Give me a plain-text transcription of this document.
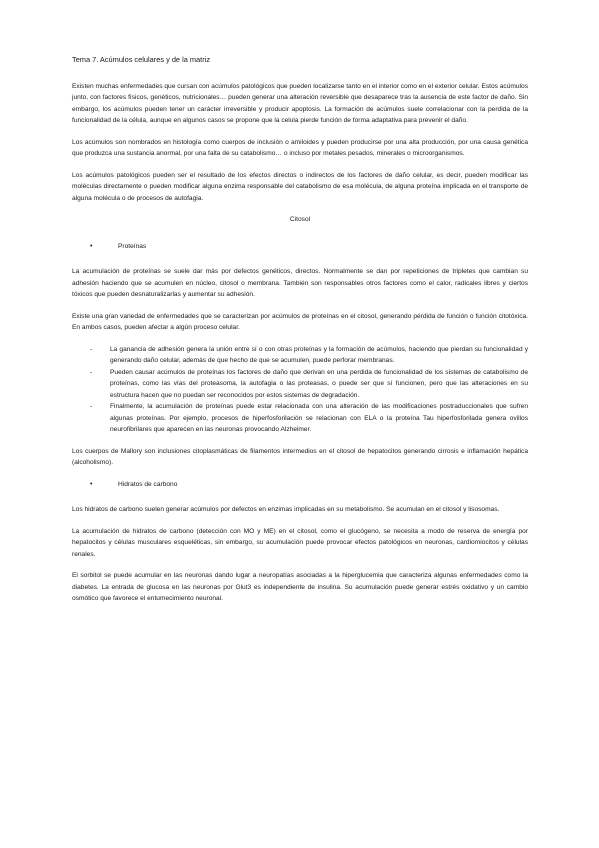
Tema 7. Acúmulos celulares y de la matriz

Existen muchas enfermedades que cursan con acúmulos patológicos que pueden localizarse tanto en el interior como en el exterior celular. Estos acúmulos junto, con factores físicos, genéticos, nutricionales… pueden generar una alteración reversible que desaparece tras la ausencia de este factor de daño. Sin embargo, los acúmulos pueden tener un carácter irreversible y producir apoptosis. La formación de acúmulos suele correlacionar con la perdida de la funcionalidad de la célula, aunque en algunos casos se propone que la celula pierde función de forma adaptativa para prevenir el daño.

Los acúmulos son nombrados en histología como cuerpos de inclusión o amiloides y pueden producirse por una alta producción, por una causa genética que produzca una sustancia anormal, por una falta de su catabolismo… o incluso por metales pesados, minerales o microorganismos.

Los acúmulos patológicos pueden ser el resultado de los efectos directos o indirectos de los factores de daño celular, es decir, pueden modificar las moléculas directamente o pueden modificar alguna enzima responsable del catabolismo de esa molécula, de alguna proteína implicada en el transporte de alguna molécula o de procesos de autofagia.

Citosol
•	Proteínas

La acumulación de proteínas se suele dar más por defectos genéticos, directos. Normalmente se dan por repeticiones de tripletes que cambian su adhesión haciendo que se acumulen en núcleo, citosol o membrana. También son responsables otros factores como el calor, radicales libres y ciertos tóxicos que pueden desnaturalizarlas y aumentar su adhesión.

Existe una gran variedad de enfermedades que se caracterizan por acúmulos de proteínas en el citosol, generando pérdida de función o función citotóxica. En ambos casos, pueden afectar a algún proceso celular.

-	La ganancia de adhesión genera la unión entre sí o con otras proteínas y la formación de acúmulos, haciendo que pierdan su funcionalidad y generando daño celular, además de que hecho de que se acumulen, puede perforar membranas.
-	Pueden causar acúmulos de proteínas los factores de daño que derivan en una perdida de funcionalidad de los sistemas de catabolismo de proteínas, como las vías del proteasoma, la autofagia o las proteasas, o puede ser que sí funcionen, pero que las alteraciones en su estructura hacen que no puedan ser reconocidos por estos sistemas de degradación.
-	Finalmente, la acumulación de proteínas puede estar relacionada con una alteración de las modificaciones postraduccionales que sufren algunas proteínas. Por ejemplo, procesos de hiperfosforilación se relacionan con ELA o la proteína Tau hiperfosforilada genera ovillos neurofibrilares que aparecen en las neuronas provocando Alzheimer.

Los cuerpos de Mallory son inclusiones citoplasmáticas de filamentos intermedios en el citosol de hepatocitos generando cirrosis e inflamación hepática (alcoholismo).

•	Hidratos de carbono

Los hidratos de carbono suelen generar acúmulos por defectos en enzimas implicadas en su metabolismo. Se acumulan en el citosol y lisosomas.

La acumulación de hidratos de carbono (detección con MO y ME) en el citosol, como el glucógeno, se necesita a modo de reserva de energía por hepatocitos y células musculares esqueléticas, sin embargo, su acumulación puede provocar efectos patológicos en neuronas, cardiomiocitos y células renales.

El sorbitol se puede acumular en las neuronas dando lugar a neuropatías asociadas a la hiperglucemia que caracteriza algunas enfermedades como la diabetes. La entrada de glucosa en las neuronas por Glut3 es independiente de insulina. Su acumulación puede generar estrés oxidativo y un cambio osmótico que favorece el entumecimiento neuronal.
